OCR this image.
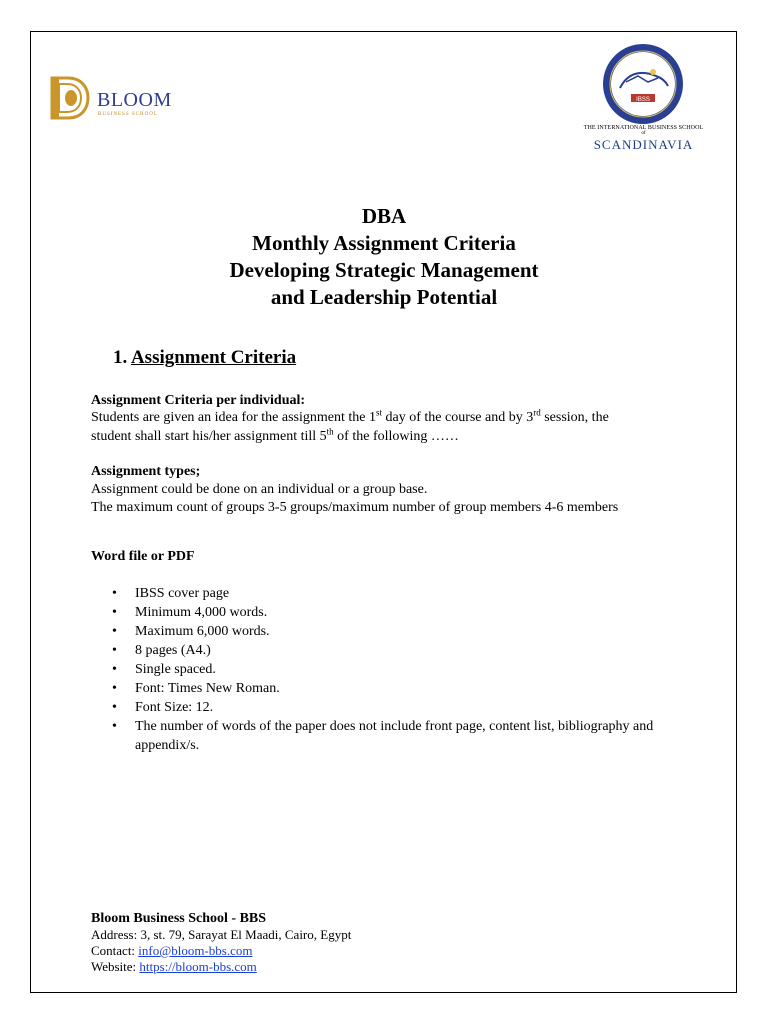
BLOOM
BUSINESS SCHOOL
IBSS
THE INTERNATIONAL BUSINESS SCHOOL
of
SCANDINAVIA
DBA
Monthly Assignment Criteria
Developing Strategic Management
and Leadership Potential
1. Assignment Criteria
Assignment Criteria per individual:
Students are given an idea for the assignment the 1st day of the course and by 3rd session, the
student shall start his/her assignment till 5th of the following ……
Assignment types;
Assignment could be done on an individual or a group base.
The maximum count of groups 3-5 groups/maximum number of group members 4-6 members
Word file or PDF
• IBSS cover page
• Minimum 4,000 words.
• Maximum 6,000 words.
• 8 pages (A4.)
• Single spaced.
• Font: Times New Roman.
• Font Size: 12.
• The number of words of the paper does not include front page, content list, bibliography and appendix/s.
Bloom Business School - BBS
Address: 3, st. 79, Sarayat El Maadi, Cairo, Egypt
Contact: info@bloom-bbs.com
Website: https://bloom-bbs.com
